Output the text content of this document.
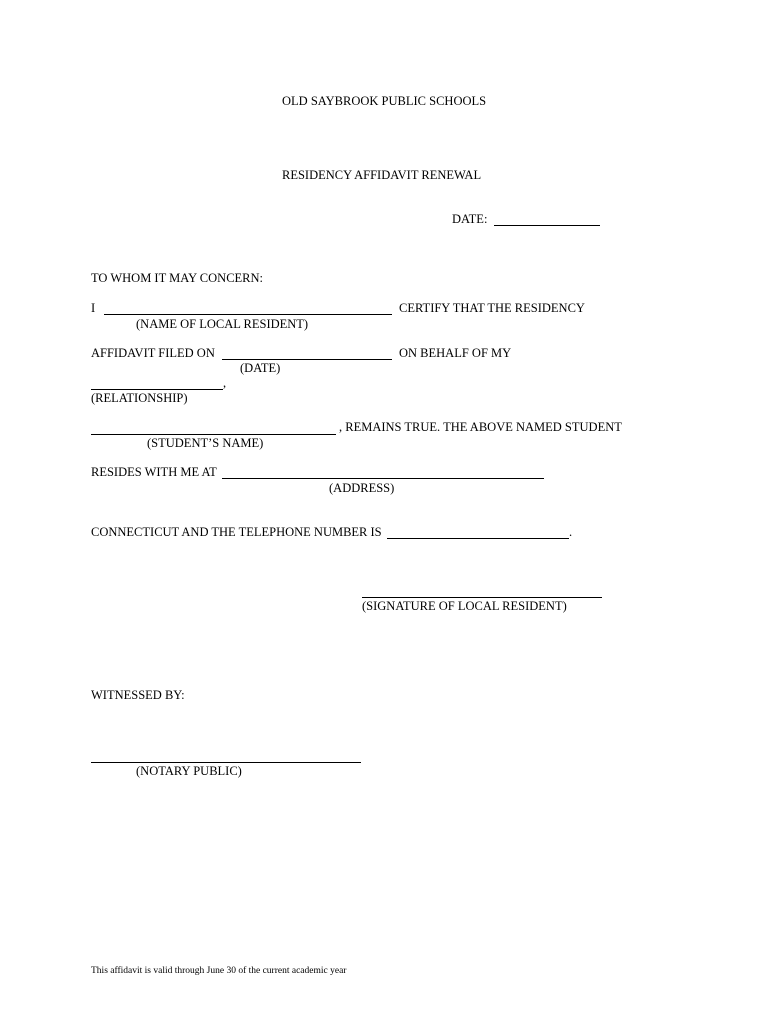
OLD SAYBROOK PUBLIC SCHOOLS
RESIDENCY AFFIDAVIT RENEWAL
DATE:
TO WHOM IT MAY CONCERN:
I	CERTIFY THAT THE RESIDENCY
(NAME OF LOCAL RESIDENT)
AFFIDAVIT FILED ON	ON BEHALF OF MY
(DATE)
,
(RELATIONSHIP)
, REMAINS TRUE. THE ABOVE NAMED STUDENT
(STUDENT’S NAME)
RESIDES WITH ME AT
(ADDRESS)
CONNECTICUT AND THE TELEPHONE NUMBER IS	.
(SIGNATURE OF LOCAL RESIDENT)
WITNESSED BY:
(NOTARY PUBLIC)
This affidavit is valid through June 30 of the current academic year
